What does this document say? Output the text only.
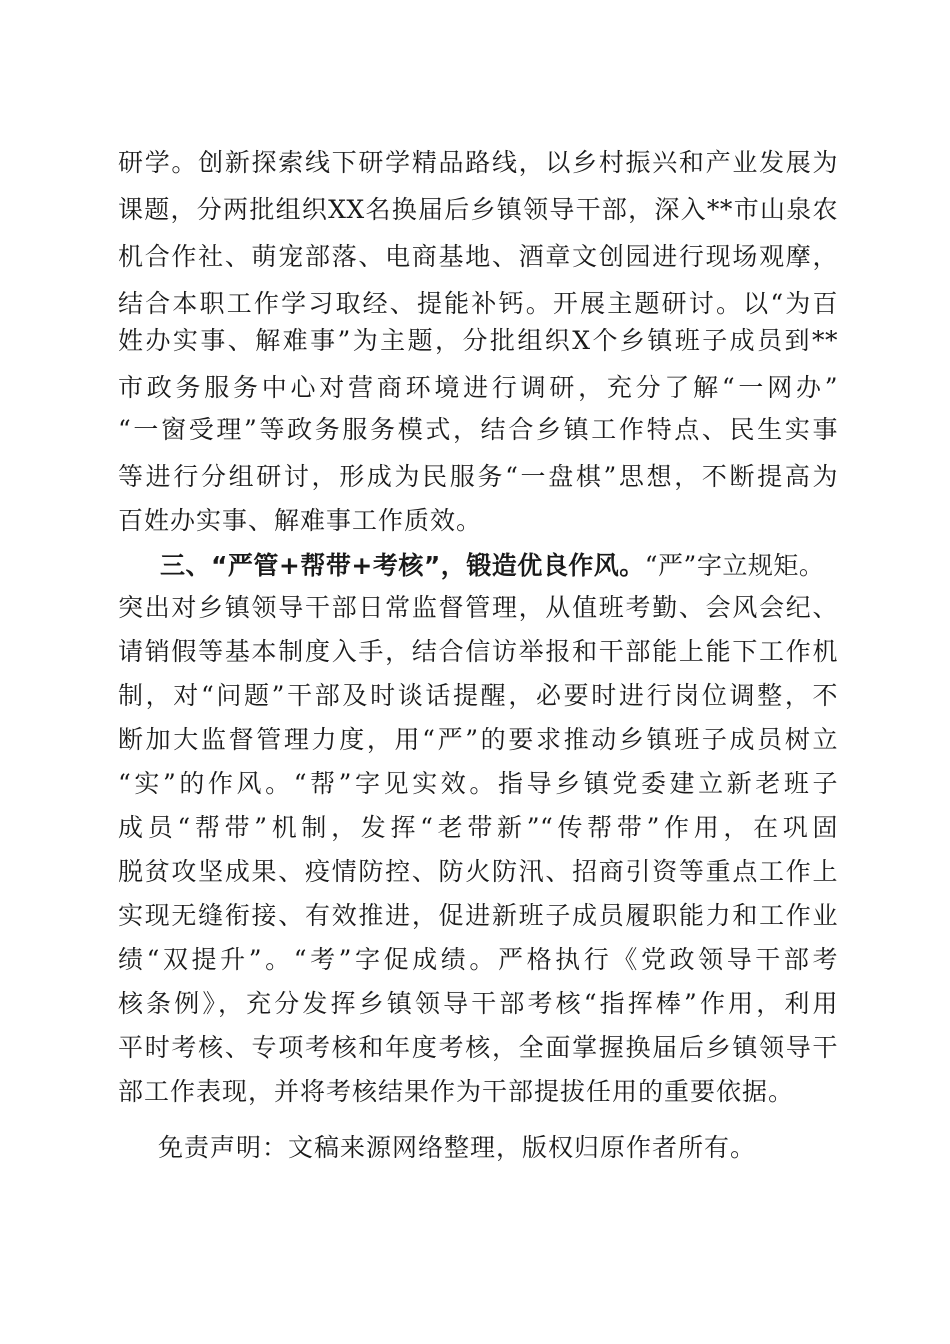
研学。创新探索线下研学精品路线，以乡村振兴和产业发展为
课题，分两批组织XX名换届后乡镇领导干部，深入**市山泉农
机合作社、萌宠部落、电商基地、酒章文创园进行现场观摩，
结合本职工作学习取经、提能补钙。开展主题研讨。以“为百
姓办实事、解难事”为主题，分批组织X个乡镇班子成员到**
市政务服务中心对营商环境进行调研，充分了解“一网办”
“一窗受理”等政务服务模式，结合乡镇工作特点、民生实事
等进行分组研讨，形成为民服务“一盘棋”思想，不断提高为
百姓办实事、解难事工作质效。
三、“严管+帮带+考核”，锻造优良作风。“严”字立规矩。
突出对乡镇领导干部日常监督管理，从值班考勤、会风会纪、
请销假等基本制度入手，结合信访举报和干部能上能下工作机
制，对“问题”干部及时谈话提醒，必要时进行岗位调整，不
断加大监督管理力度，用“严”的要求推动乡镇班子成员树立
“实”的作风。“帮”字见实效。指导乡镇党委建立新老班子
成员“帮带”机制，发挥“老带新”“传帮带”作用，在巩固
脱贫攻坚成果、疫情防控、防火防汛、招商引资等重点工作上
实现无缝衔接、有效推进，促进新班子成员履职能力和工作业
绩“双提升”。“考”字促成绩。严格执行《党政领导干部考
核条例》，充分发挥乡镇领导干部考核“指挥棒”作用，利用
平时考核、专项考核和年度考核，全面掌握换届后乡镇领导干
部工作表现，并将考核结果作为干部提拔任用的重要依据。
免责声明：文稿来源网络整理，版权归原作者所有。
